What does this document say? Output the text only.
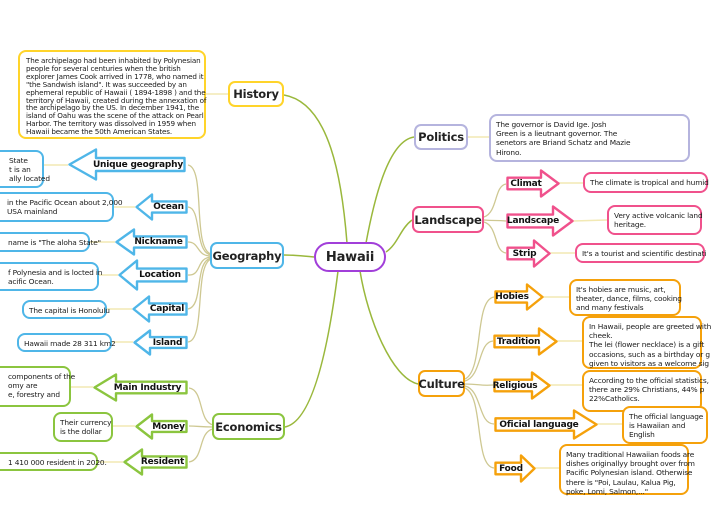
Hawaii
History
Politics
Landscape
Geography
Culture
Economics
The archipelago had been inhabited by Polynesian
people for several centuries when the british
explorer James Cook arrived in 1778, who named it
"the Sandwish island". It was succeeded by an
ephemeral republic of Hawaii ( 1894-1898 ) and the
territory of Hawaii, created during the annexation of
the archipelago by the US. In december 1941, the
island of Oahu was the scene of the attack on Pearl
Harbor. The territory was dissolved in 1959 when
Hawaii became the 50th American States.
The governor is David Ige. Josh
Green is a lieutnant governor. The
senetors are Briand Schatz and Mazie
Hirono.
Unique geography
Ocean
Nickname
Location
Capital
Island
State
t is an
ally located
in the Pacific Ocean about 2,000
USA mainland
name is "The aloha State"
f Polynesia and is locted in
acific Ocean.
The capital is Honolulu
Hawaii made 28 311 km2
Main Industry
Money
Resident
components of the
omy are
e, forestry and
Their currency
is the dollar
1 410 000 resident in 2020.
Climat
Landscape
Strip
The climate is tropical and humid
Very active volcanic land
heritage.
It's a tourist and scientific destinati
Hobies
Tradition
Religious
Oficial language
Food
It's hobies are music, art,
theater, dance, films, cooking
and many festivals
In Hawaii, people are greeted with
cheek.
The lei (flower necklace) is a gift
occasions, such as a birthday or g
given to visitors as a welcome sig
According to the official statistics,
there are 29% Christians, 44% p
22%Catholics.
The official language
is Hawaiian and
English
Many traditional Hawaiian foods are
dishes originallyy brought over from
Pacific Polynesian island. Otherwise
there is "Poi, Laulau, Kalua Pig,
poke, Lomi, Salmon,..."
